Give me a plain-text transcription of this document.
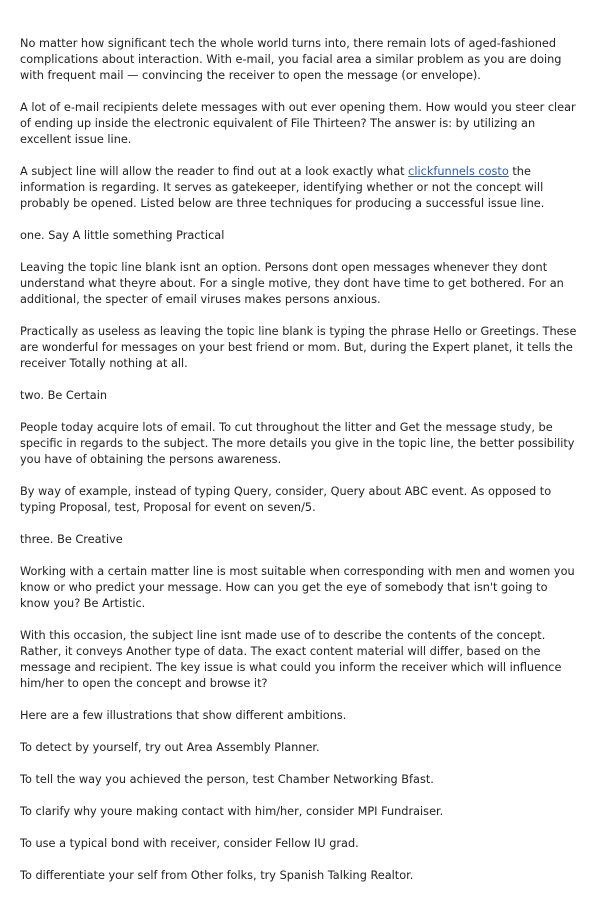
No matter how significant tech the whole world turns into, there remain lots of aged-fashioned complications about interaction. With e-mail, you facial area a similar problem as you are doing with frequent mail — convincing the receiver to open the message (or envelope).

A lot of e-mail recipients delete messages with out ever opening them. How would you steer clear of ending up inside the electronic equivalent of File Thirteen? The answer is: by utilizing an excellent issue line.

A subject line will allow the reader to find out at a look exactly what clickfunnels costo the information is regarding. It serves as gatekeeper, identifying whether or not the concept will probably be opened. Listed below are three techniques for producing a successful issue line.

one. Say A little something Practical

Leaving the topic line blank isnt an option. Persons dont open messages whenever they dont understand what theyre about. For a single motive, they dont have time to get bothered. For an additional, the specter of email viruses makes persons anxious.

Practically as useless as leaving the topic line blank is typing the phrase Hello or Greetings. These are wonderful for messages on your best friend or mom. But, during the Expert planet, it tells the receiver Totally nothing at all.

two. Be Certain

People today acquire lots of email. To cut throughout the litter and Get the message study, be specific in regards to the subject. The more details you give in the topic line, the better possibility you have of obtaining the persons awareness.

By way of example, instead of typing Query, consider, Query about ABC event. As opposed to typing Proposal, test, Proposal for event on seven/5.

three. Be Creative

Working with a certain matter line is most suitable when corresponding with men and women you know or who predict your message. How can you get the eye of somebody that isn't going to know you? Be Artistic.

With this occasion, the subject line isnt made use of to describe the contents of the concept. Rather, it conveys Another type of data. The exact content material will differ, based on the message and recipient. The key issue is what could you inform the receiver which will influence him/her to open the concept and browse it?

Here are a few illustrations that show different ambitions.

To detect by yourself, try out Area Assembly Planner.

To tell the way you achieved the person, test Chamber Networking Bfast.

To clarify why youre making contact with him/her, consider MPI Fundraiser.

To use a typical bond with receiver, consider Fellow IU grad.

To differentiate your self from Other folks, try Spanish Talking Realtor.
